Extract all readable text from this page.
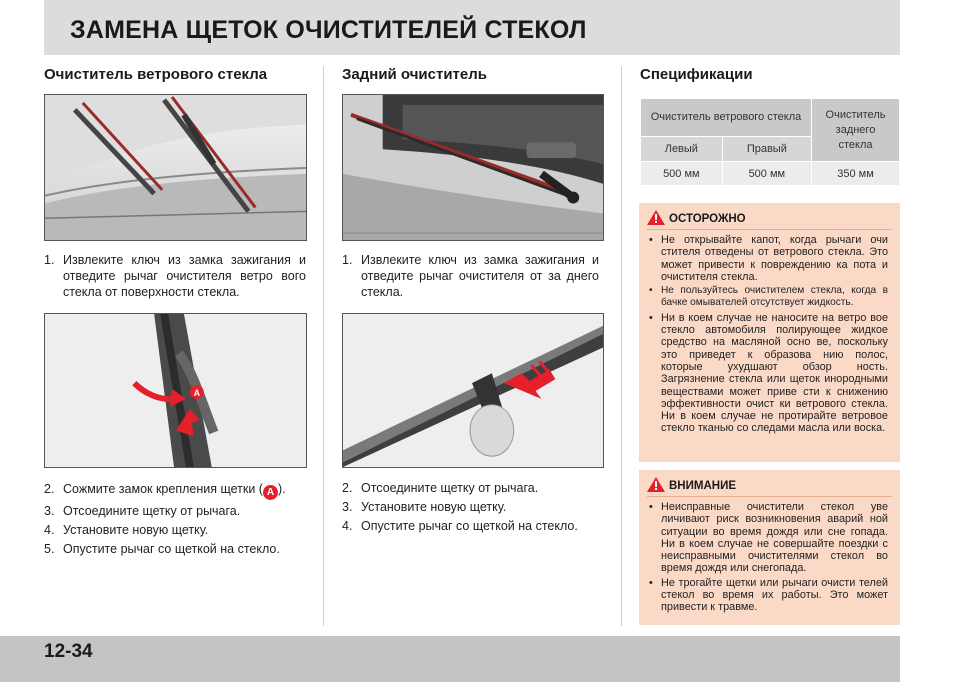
ЗАМЕНА ЩЕТОК ОЧИСТИТЕЛЕЙ СТЕКОЛ
Очиститель ветрового стекла
1. Извлеките ключ из замка зажигания и отведите рычаг очистителя ветро вого стекла от поверхности стекла.
A
2. Сожмите замок крепления щетки ( A ).
3. Отсоедините щетку от рычага.
4. Установите новую щетку.
5. Опустите рычаг со щеткой на стекло.
Задний очиститель
1. Извлеките ключ из замка зажигания и отведите рычаг очистителя от за днего стекла.
2. Отсоедините щетку от рычага.
3. Установите новую щетку.
4. Опустите рычаг со щеткой на стекло.
Спецификации
Очиститель ветрового стекла		Очиститель заднего стекла
Левый	Правый	
500 мм	500 мм	350 мм
ОСТОРОЖНО
• Не открывайте капот, когда рычаги очи стителя отведены от ветрового стекла. Это может привести к повреждению ка пота и очистителя стекла.
• Не пользуйтесь очистителем стекла, когда в бачке омывателей отсутствует жидкость.
• Ни в коем случае не наносите на ветро вое стекло автомобиля полирующее жидкое средство на масляной осно ве, поскольку это приведет к образова нию полос, которые ухудшают обзор ность. Загрязнение стекла или щеток инородными веществами может приве сти к снижению эффективности очист ки ветрового стекла. Ни в коем случае не протирайте ветровое стекло тканью со следами масла или воска.
ВНИМАНИЕ
• Неисправные очистители стекол уве личивают риск возникновения аварий ной ситуации во время дождя или сне гопада. Ни в коем случае не совершайте поездки с неисправными очистителями стекол во время дождя или снегопада.
• Не трогайте щетки или рычаги очисти телей стекол во время их работы. Это может привести к травме.
12-34
